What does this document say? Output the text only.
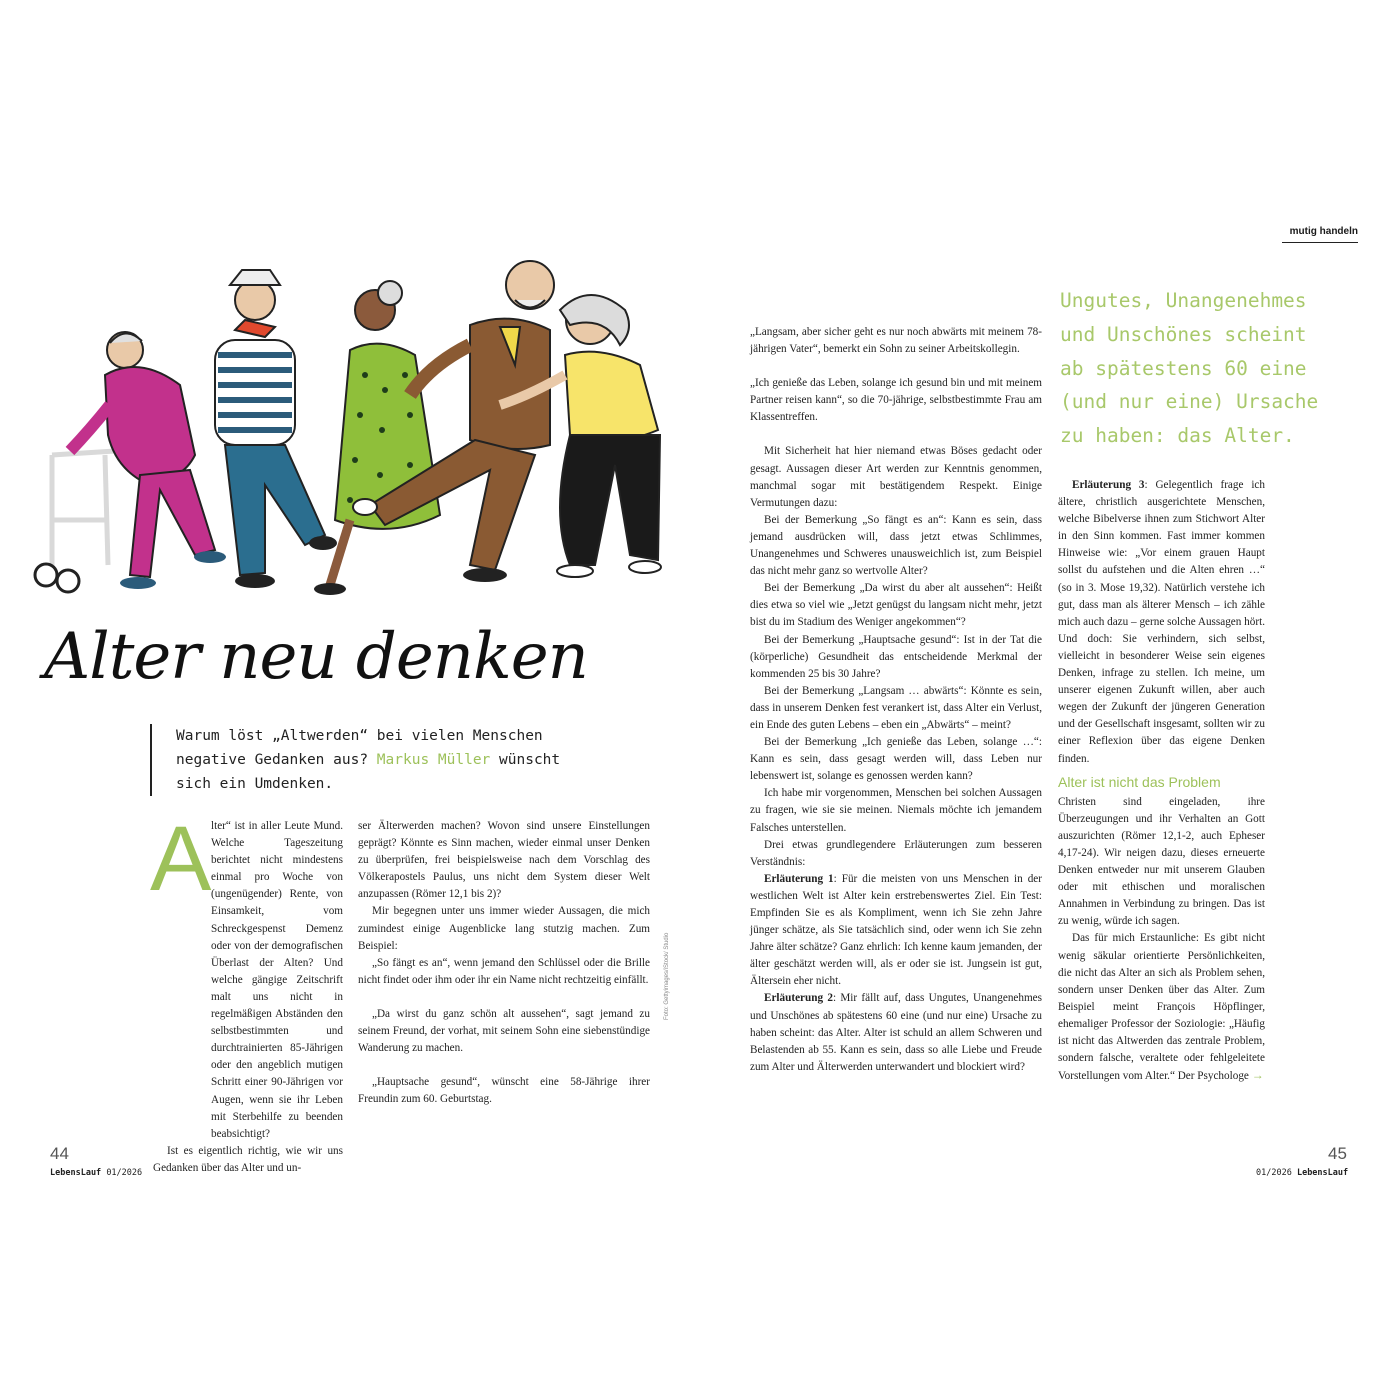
Alter neu denken
Warum löst „Altwerden“ bei vielen Menschen negative Gedanken aus? Markus Müller wünscht sich ein Umdenken.
A lter“ ist in aller Leute Mund. Welche Tageszeitung berichtet nicht mindestens einmal pro Woche von (ungenügender) Rente, von Einsamkeit, vom Schreckgespenst Demenz oder von der demografischen Überlast der Alten? Und welche gängige Zeitschrift malt uns nicht in regelmäßigen Abständen den selbstbestimmten und durchtrainierten 85-Jährigen oder den angeblich mutigen Schritt einer 90-Jährigen vor Augen, wenn sie ihr Leben mit Sterbehilfe zu beenden beabsichtigt?

Ist es eigentlich richtig, wie wir uns Gedanken über das Alter und un-

ser Älterwerden machen? Wovon sind unsere Einstellungen geprägt? Könnte es Sinn machen, wieder einmal unser Denken zu überprüfen, frei beispielsweise nach dem Vorschlag des Völkerapostels Paulus, uns nicht dem System dieser Welt anzupassen (Römer 12,1 bis 2)?

Mir begegnen unter uns immer wieder Aussagen, die mich zumindest einige Augenblicke lang stutzig machen. Zum Beispiel:

„So fängt es an“, wenn jemand den Schlüssel oder die Brille nicht findet oder ihm oder ihr ein Name nicht rechtzeitig einfällt.

„Da wirst du ganz schön alt aussehen“, sagt jemand zu seinem Freund, der vorhat, mit seinem Sohn eine siebenstündige Wanderung zu machen.

„Hauptsache gesund“, wünscht eine 58-Jährige ihrer Freundin zum 60. Geburtstag.

Foto: Gettyimages/iStock/ Studio
44
LebensLauf 01/2026
mutig handeln

„Langsam, aber sicher geht es nur noch abwärts mit meinem 78-jährigen Vater“, bemerkt ein Sohn zu seiner Arbeitskollegin.

„Ich genieße das Leben, solange ich gesund bin und mit meinem Partner reisen kann“, so die 70-jährige, selbstbestimmte Frau am Klassentreffen.

Mit Sicherheit hat hier niemand etwas Böses gedacht oder gesagt. Aussagen dieser Art werden zur Kenntnis genommen, manchmal sogar mit bestätigendem Respekt. Einige Vermutungen dazu:

Bei der Bemerkung „So fängt es an“: Kann es sein, dass jemand ausdrücken will, dass jetzt etwas Schlimmes, Unangenehmes und Schweres unausweichlich ist, zum Beispiel das nicht mehr ganz so wertvolle Alter?

Bei der Bemerkung „Da wirst du aber alt aussehen“: Heißt dies etwa so viel wie „Jetzt genügst du langsam nicht mehr, jetzt bist du im Stadium des Weniger angekommen“?

Bei der Bemerkung „Hauptsache gesund“: Ist in der Tat die (körperliche) Gesundheit das entscheidende Merkmal der kommenden 25 bis 30 Jahre?

Bei der Bemerkung „Langsam … abwärts“: Könnte es sein, dass in unserem Denken fest verankert ist, dass Alter ein Verlust, ein Ende des guten Lebens – eben ein „Abwärts“ – meint?

Bei der Bemerkung „Ich genieße das Leben, solange …“: Kann es sein, dass gesagt werden will, dass Leben nur lebenswert ist, solange es genossen werden kann?

Ich habe mir vorgenommen, Menschen bei solchen Aussagen zu fragen, wie sie sie meinen. Niemals möchte ich jemandem Falsches unterstellen.

Drei etwas grundlegendere Erläuterungen zum besseren Verständnis:

Erläuterung 1: Für die meisten von uns Menschen in der westlichen Welt ist Alter kein erstrebenswertes Ziel. Ein Test: Empfinden Sie es als Kompliment, wenn ich Sie zehn Jahre jünger schätze, als Sie tatsächlich sind, oder wenn ich Sie zehn Jahre älter schätze? Ganz ehrlich: Ich kenne kaum jemanden, der älter geschätzt werden will, als er oder sie ist. Jungsein ist gut, Ältersein eher nicht.

Erläuterung 2: Mir fällt auf, dass Ungutes, Unangenehmes und Unschönes ab spätestens 60 eine (und nur eine) Ursache zu haben scheint: das Alter. Alter ist schuld an allem Schweren und Belastenden ab 55. Kann es sein, dass so alle Liebe und Freude zum Alter und Älterwerden unterwandert und blockiert wird?

Ungutes, Unangenehmes und Unschönes scheint ab spätestens 60 eine (und nur eine) Ursache zu haben: das Alter.

Erläuterung 3: Gelegentlich frage ich ältere, christlich ausgerichtete Menschen, welche Bibelverse ihnen zum Stichwort Alter in den Sinn kommen. Fast immer kommen Hinweise wie: „Vor einem grauen Haupt sollst du aufstehen und die Alten ehren …“ (so in 3. Mose 19,32). Natürlich verstehe ich gut, dass man als älterer Mensch – ich zähle mich auch dazu – gerne solche Aussagen hört. Und doch: Sie verhindern, sich selbst, vielleicht in besonderer Weise sein eigenes Denken, infrage zu stellen. Ich meine, um unserer eigenen Zukunft willen, aber auch wegen der Zukunft der jüngeren Generation und der Gesellschaft insgesamt, sollten wir zu einer Reflexion über das eigene Denken finden.

Alter ist nicht das Problem

Christen sind eingeladen, ihre Überzeugungen und ihr Verhalten an Gott auszurichten (Römer 12,1-2, auch Epheser 4,17-24). Wir neigen dazu, dieses erneuerte Denken entweder nur mit unserem Glauben oder mit ethischen und moralischen Annahmen in Verbindung zu bringen. Das ist zu wenig, würde ich sagen.

Das für mich Erstaunliche: Es gibt nicht wenig säkular orientierte Persönlichkeiten, die nicht das Alter an sich als Problem sehen, sondern unser Denken über das Alter. Zum Beispiel meint François Höpflinger, ehemaliger Professor der Soziologie: „Häufig ist nicht das Altwerden das zentrale Problem, sondern falsche, veraltete oder fehlgeleitete Vorstellungen vom Alter.“ Der Psychologe →

45
01/2026 LebensLauf
